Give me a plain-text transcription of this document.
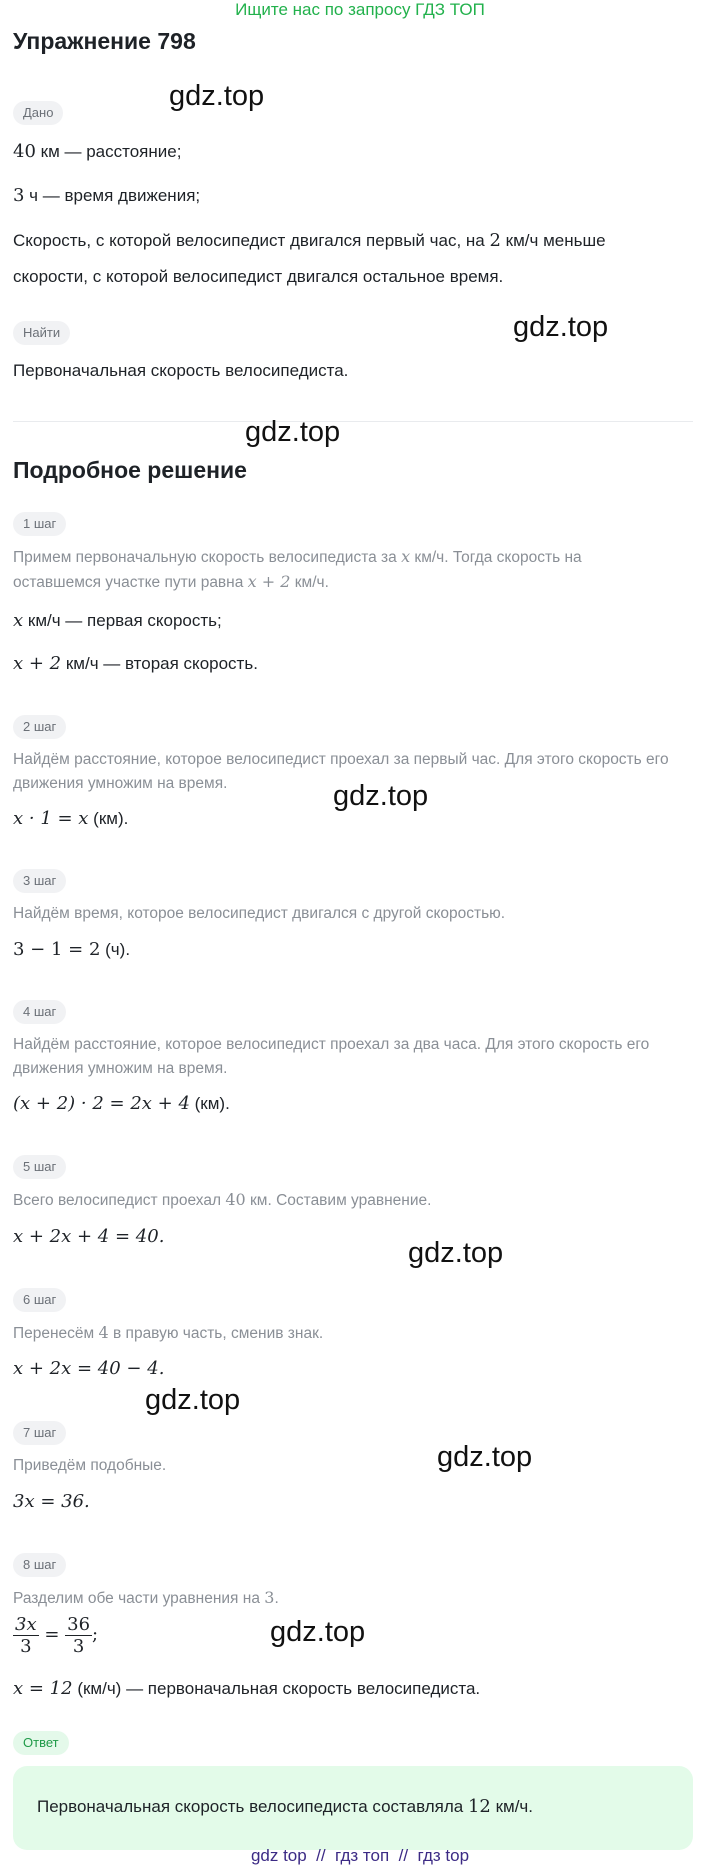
Ищите нас по запросу ГДЗ ТОП
Упражнение 798
Дано
40 км — расстояние;
3 ч — время движения;
Скорость, с которой велосипедист двигался первый час, на 2 км/ч меньше
скорости, с которой велосипедист двигался остальное время.
Найти
Первоначальная скорость велосипедиста.
Подробное решение
1 шаг
Примем первоначальную скорость велосипедиста за x км/ч. Тогда скорость на
оставшемся участке пути равна x + 2 км/ч.
x км/ч — первая скорость;
x + 2 км/ч — вторая скорость.
2 шаг
Найдём расстояние, которое велосипедист проехал за первый час. Для этого скорость его движения умножим на время.
x · 1 = x (км).
3 шаг
Найдём время, которое велосипедист двигался с другой скоростью.
3 − 1 = 2 (ч).
4 шаг
Найдём расстояние, которое велосипедист проехал за два часа. Для этого скорость его движения умножим на время.
(x + 2) · 2 = 2x + 4 (км).
5 шаг
Всего велосипедист проехал 40 км. Составим уравнение.
x + 2x + 4 = 40.
6 шаг
Перенесём 4 в правую часть, сменив знак.
x + 2x = 40 − 4.
7 шаг
Приведём подобные.
3x = 36.
8 шаг
Разделим обе части уравнения на 3.
$\frac{3x}{3} = \frac{36}{3}$ ;
x = 12 (км/ч) — первоначальная скорость велосипедиста.
Ответ
Первоначальная скорость велосипедиста составляла 12 км/ч.
gdz.top
gdz.top
gdz.top
gdz.top
gdz.top
gdz.top
gdz.top
gdz.top
gdz top  //  гдз топ  //  гдз top
